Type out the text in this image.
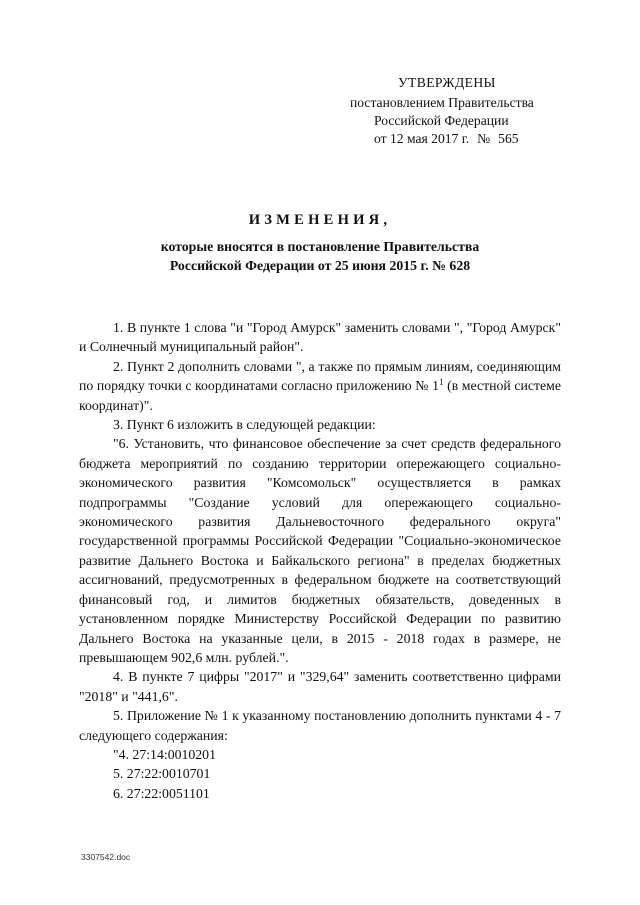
УТВЕРЖДЕНЫ
постановлением Правительства
Российской Федерации
от 12 мая 2017 г. № 565
ИЗМЕНЕНИЯ,
которые вносятся в постановление Правительства
Российской Федерации от 25 июня 2015 г. № 628

1. В пункте 1 слова "и "Город Амурск" заменить словами ", "Город Амурск" и Солнечный муниципальный район".

2. Пункт 2 дополнить словами ", а также по прямым линиям, соединяющим по порядку точки с координатами согласно приложению № $1^1$ (в местной системе координат)".

3. Пункт 6 изложить в следующей редакции:

"6. Установить, что финансовое обеспечение за счет средств федерального бюджета мероприятий по созданию территории опережающего социально-экономического развития "Комсомольск" осуществляется в рамках подпрограммы "Создание условий для опережающего социально-экономического развития Дальневосточного федерального округа" государственной программы Российской Федерации "Социально-экономическое развитие Дальнего Востока и Байкальского региона" в пределах бюджетных ассигнований, предусмотренных в федеральном бюджете на соответствующий финансовый год, и лимитов бюджетных обязательств, доведенных в установленном порядке Министерству Российской Федерации по развитию Дальнего Востока на указанные цели, в 2015 - 2018 годах в размере, не превышающем 902,6 млн. рублей.".

4. В пункте 7 цифры "2017" и "329,64" заменить соответственно цифрами "2018" и "441,6".

5. Приложение № 1 к указанному постановлению дополнить пунктами 4 - 7 следующего содержания:

"4. 27:14:0010201

5. 27:22:0010701

6. 27:22:0051101

3307542.doc
